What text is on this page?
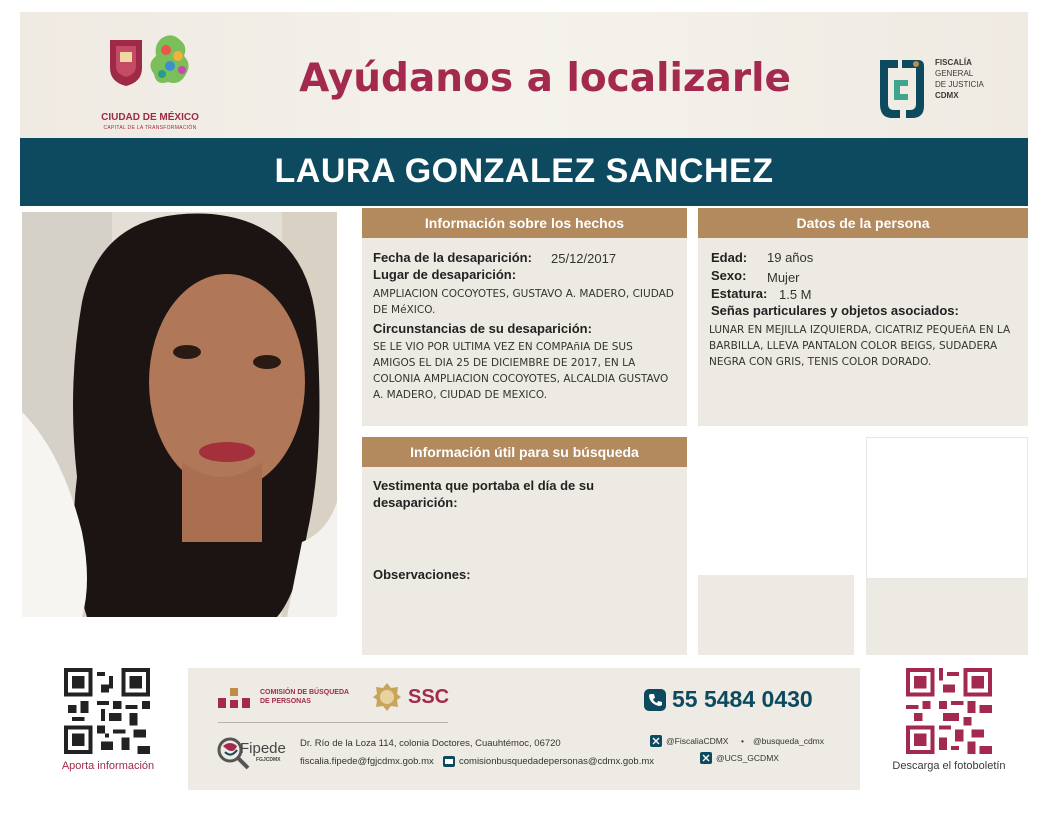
CIUDAD DE MÉXICO
CAPITAL DE LA TRANSFORMACIÓN
Ayúdanos a localizarle	FISCALÍA
GENERAL
DE JUSTICIA
CDMX
LAURA GONZALEZ SANCHEZ
Información sobre los hechos
Fecha de la desaparición: 25/12/2017
Lugar de desaparición:
AMPLIACION COCOYOTES, GUSTAVO A. MADERO, CIUDAD DE MéXICO.
Circunstancias de su desaparición:
SE LE VIO POR ULTIMA VEZ EN COMPAñIA DE SUS AMIGOS EL DIA 25 DE DICIEMBRE DE 2017, EN LA COLONIA AMPLIACION COCOYOTES, ALCALDIA GUSTAVO A. MADERO, CIUDAD DE MEXICO.
Datos de la persona
Edad: 19 años
Sexo: Mujer
Estatura: 1.5 M
Señas particulares y objetos asociados:
LUNAR EN MEJILLA IZQUIERDA, CICATRIZ PEQUEñA EN LA BARBILLA, LLEVA PANTALON COLOR BEIGS, SUDADERA NEGRA CON GRIS, TENIS COLOR DORADO.
Información útil para su búsqueda
Vestimenta que portaba el día de su desaparición:
Observaciones:
Aporta información
COMISIÓN DE BÚSQUEDA
DE PERSONAS	SSC	55 5484 0430
Fipede
FGJCDMX
Dr. Río de la Loza 114, colonia Doctores, Cuauhtémoc, 06720
fiscalia.fipede@fgjcdmx.gob.mx	comisionbusquedadepersonas@cdmx.gob.mx
@FiscaliaCDMX • @busqueda_cdmx
@UCS_GCDMX
Descarga el fotoboletín
